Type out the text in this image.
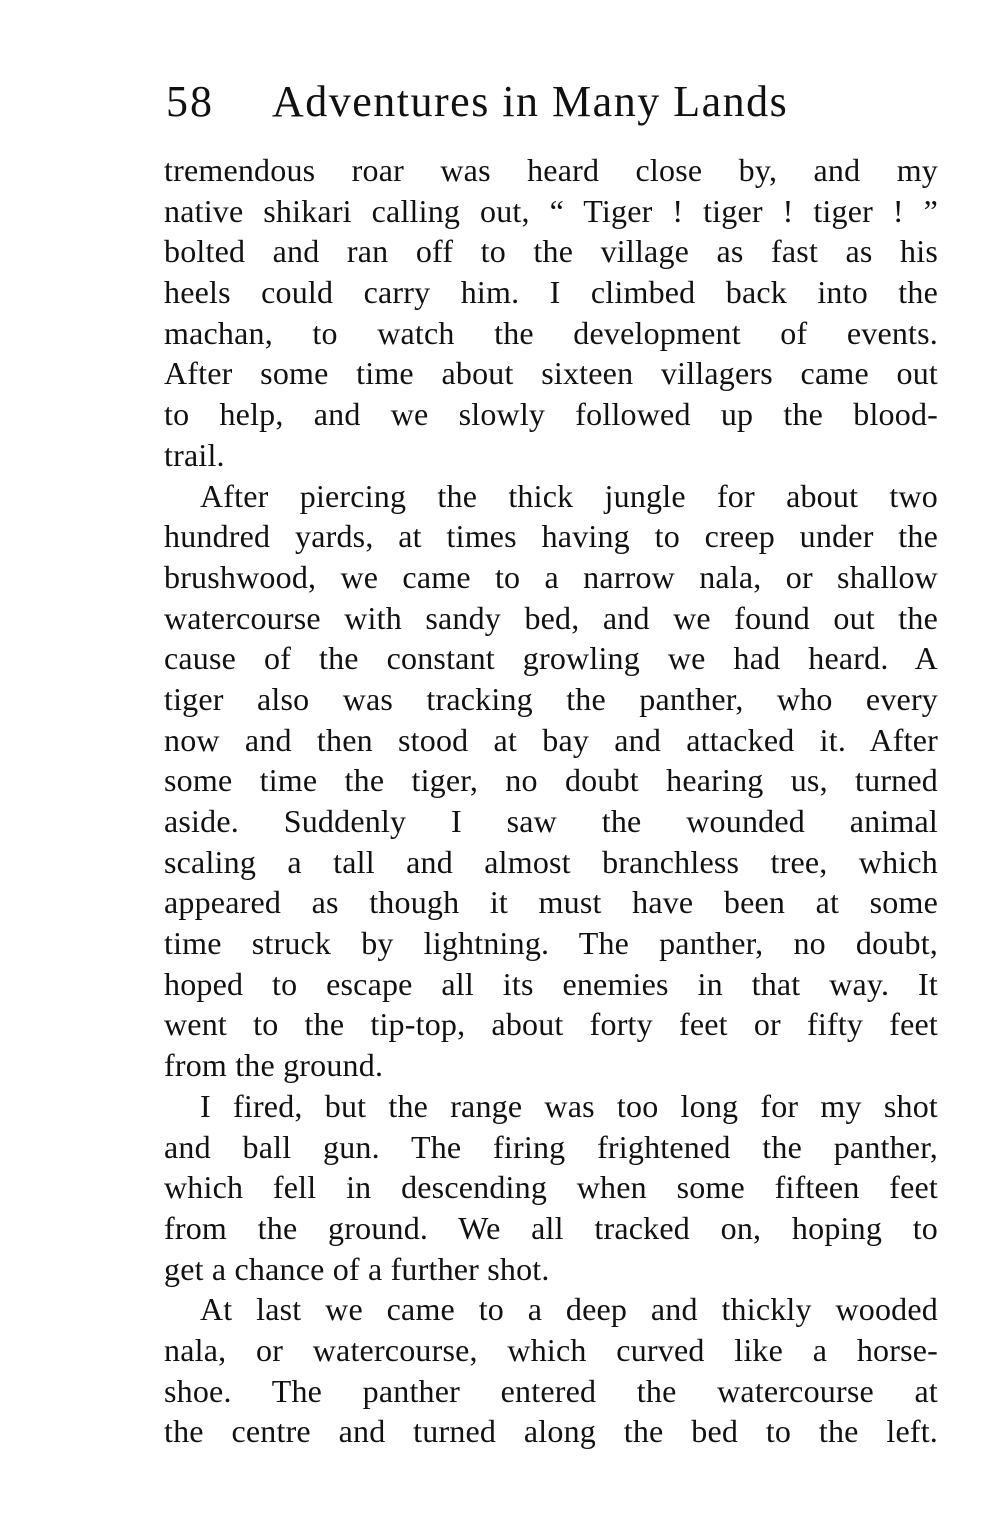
58 Adventures in Many Lands
tremendous roar was heard close by, and my
native shikari calling out, “ Tiger ! tiger ! tiger ! ”
bolted and ran off to the village as fast as his
heels could carry him. I climbed back into the
machan, to watch the development of events.
After some time about sixteen villagers came out
to help, and we slowly followed up the blood-
trail.
After piercing the thick jungle for about two
hundred yards, at times having to creep under the
brushwood, we came to a narrow nala, or shallow
watercourse with sandy bed, and we found out the
cause of the constant growling we had heard. A
tiger also was tracking the panther, who every
now and then stood at bay and attacked it. After
some time the tiger, no doubt hearing us, turned
aside. Suddenly I saw the wounded animal
scaling a tall and almost branchless tree, which
appeared as though it must have been at some
time struck by lightning. The panther, no doubt,
hoped to escape all its enemies in that way. It
went to the tip-top, about forty feet or fifty feet
from the ground.
I fired, but the range was too long for my shot
and ball gun. The firing frightened the panther,
which fell in descending when some fifteen feet
from the ground. We all tracked on, hoping to
get a chance of a further shot.
At last we came to a deep and thickly wooded
nala, or watercourse, which curved like a horse-
shoe. The panther entered the watercourse at
the centre and turned along the bed to the left.
